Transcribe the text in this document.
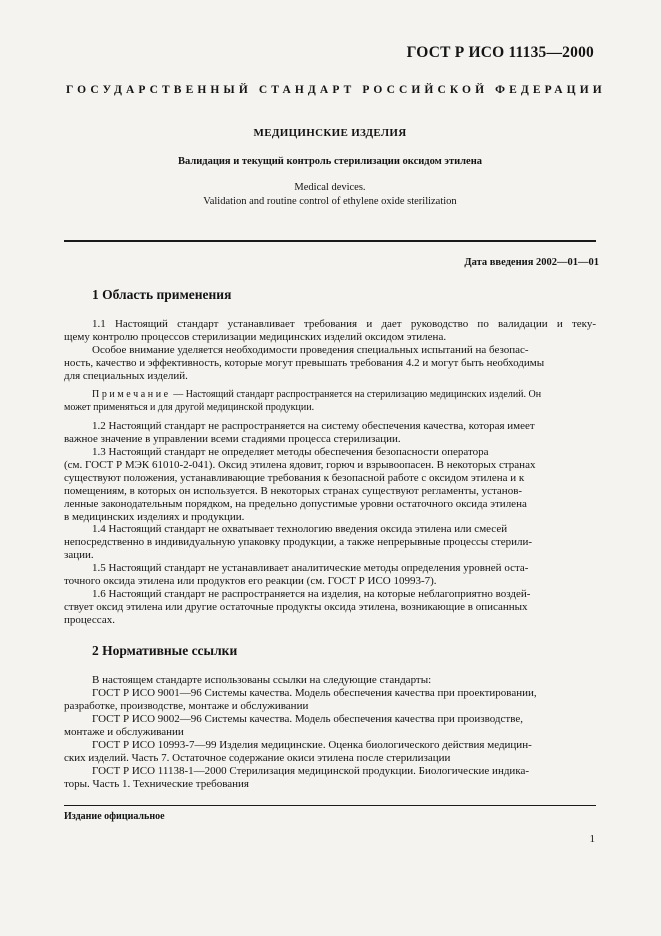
ГОСТ Р ИСО 11135—2000
ГОСУДАРСТВЕННЫЙ СТАНДАРТ РОССИЙСКОЙ ФЕДЕРАЦИИ
МЕДИЦИНСКИЕ ИЗДЕЛИЯ
Валидация и текущий контроль стерилизации оксидом этилена
Medical devices.
Validation and routine control of ethylene oxide sterilization
Дата введения 2002—01—01
1 Область применения
1.1 Настоящий стандарт устанавливает требования и дает руководство по валидации и теку-
щему контролю процессов стерилизации медицинских изделий оксидом этилена.
Особое внимание уделяется необходимости проведения специальных испытаний на безопас-
ность, качество и эффективность, которые могут превышать требования 4.2 и могут быть необходимы
для специальных изделий.
Примечание — Настоящий стандарт распространяется на стерилизацию медицинских изделий. Он
может применяться и для другой медицинской продукции.
1.2 Настоящий стандарт не распространяется на систему обеспечения качества, которая имеет
важное значение в управлении всеми стадиями процесса стерилизации.
1.3 Настоящий стандарт не определяет методы обеспечения безопасности оператора
(см. ГОСТ Р МЭК 61010-2-041). Оксид этилена ядовит, горюч и взрывоопасен. В некоторых странах
существуют положения, устанавливающие требования к безопасной работе с оксидом этилена и к
помещениям, в которых он используется. В некоторых странах существуют регламенты, установ-
ленные законодательным порядком, на предельно допустимые уровни остаточного оксида этилена
в медицинских изделиях и продукции.
1.4 Настоящий стандарт не охватывает технологию введения оксида этилена или смесей
непосредственно в индивидуальную упаковку продукции, а также непрерывные процессы стерили-
зации.
1.5 Настоящий стандарт не устанавливает аналитические методы определения уровней оста-
точного оксида этилена или продуктов его реакции (см. ГОСТ Р ИСО 10993-7).
1.6 Настоящий стандарт не распространяется на изделия, на которые неблагоприятно воздей-
ствует оксид этилена или другие остаточные продукты оксида этилена, возникающие в описанных
процессах.
2 Нормативные ссылки
В настоящем стандарте использованы ссылки на следующие стандарты:
ГОСТ Р ИСО 9001—96 Системы качества. Модель обеспечения качества при проектировании,
разработке, производстве, монтаже и обслуживании
ГОСТ Р ИСО 9002—96 Системы качества. Модель обеспечения качества при производстве,
монтаже и обслуживании
ГОСТ Р ИСО 10993-7—99 Изделия медицинские. Оценка биологического действия медицин-
ских изделий. Часть 7. Остаточное содержание окиси этилена после стерилизации
ГОСТ Р ИСО 11138-1—2000 Стерилизация медицинской продукции. Биологические индика-
торы. Часть 1. Технические требования
Издание официальное
1
